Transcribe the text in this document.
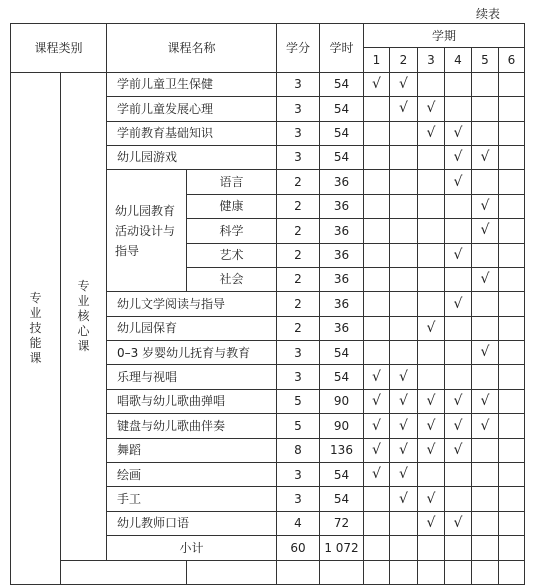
续表
课程类别		课程名称		学分	学时	学期					
						1	2	3	4	5	6
专业技能课	专业核心课	学前儿童卫生保健		3	54	√	√				
		学前儿童发展心理		3	54		√	√			
		学前教育基础知识		3	54			√	√		
		幼儿园游戏		3	54				√	√	
		幼儿园教育活动设计与指导	语言	2	36				√		
			健康	2	36					√	
			科学	2	36					√	
			艺术	2	36				√		
			社会	2	36					√	
		幼儿文学阅读与指导		2	36				√		
		幼儿园保育		2	36			√			
		0–3 岁婴幼儿抚育与教育		3	54					√	
		乐理与视唱		3	54	√	√				
		唱歌与幼儿歌曲弹唱		5	90	√	√	√	√	√	
		键盘与幼儿歌曲伴奏		5	90	√	√	√	√	√	
		舞蹈		8	136	√	√	√	√		
		绘画		3	54	√	√				
		手工		3	54		√	√			
		幼儿教师口语		4	72			√	√		
		小计		60	1 072						
